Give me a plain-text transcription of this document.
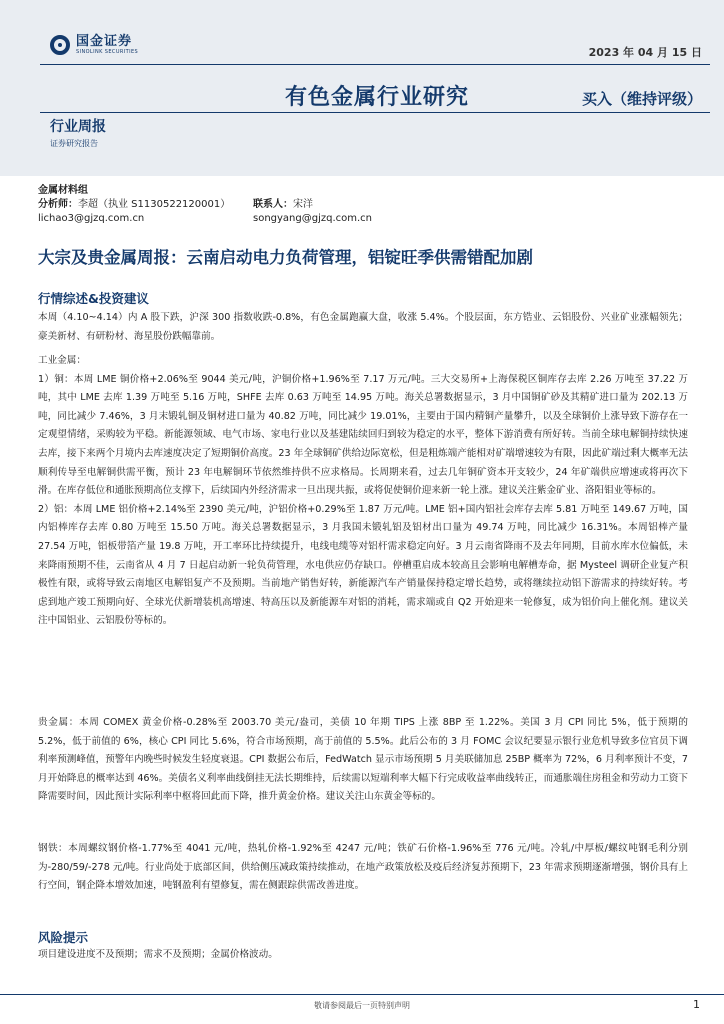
国金证券
SINOLINK SECURITIES	2023 年 04 月 15 日
有色金属行业研究	买入（维持评级）
行业周报
证券研究报告
金属材料组
分析师：李超（执业 S1130522120001）	联系人：宋洋
lichao3@gjzq.com.cn	songyang@gjzq.com.cn
大宗及贵金属周报：云南启动电力负荷管理，铝锭旺季供需错配加剧
行情综述&投资建议
本周（4.10~4.14）内 A 股下跌，沪深 300 指数收跌-0.8%，有色金属跑赢大盘，收涨 5.4%。个股层面，东方锆业、云铝股份、兴业矿业涨幅领先；豪美新材、有研粉材、海星股份跌幅靠前。
工业金属：
1）铜：本周 LME 铜价格+2.06%至 9044 美元/吨，沪铜价格+1.96%至 7.17 万元/吨。三大交易所+上海保税区铜库存去库 2.26 万吨至 37.22 万吨，其中 LME 去库 1.39 万吨至 5.16 万吨，SHFE 去库 0.63 万吨至 14.95 万吨。海关总署数据显示，3 月中国铜矿砂及其精矿进口量为 202.13 万吨，同比减少 7.46%，3 月末锻轧铜及铜材进口量为 40.82 万吨，同比减少 19.01%，主要由于国内精铜产量攀升，以及全球铜价上涨导致下游存在一定观望情绪，采购较为平稳。新能源领域、电气市场、家电行业以及基建陆续回归到较为稳定的水平，整体下游消费有所好转。当前全球电解铜持续快速去库，接下来两个月境内去库速度决定了短期铜价高度。23 年全球铜矿供给边际宽松，但是粗炼端产能相对矿端增速较为有限，因此矿端过剩大概率无法顺利传导至电解铜供需平衡，预计 23 年电解铜环节依然维持供不应求格局。长周期来看，过去几年铜矿资本开支较少，24 年矿端供应增速或将再次下滑。在库存低位和通胀预期高位支撑下，后续国内外经济需求一旦出现共振，或将促使铜价迎来新一轮上涨。建议关注紫金矿业、洛阳钼业等标的。
2）铝：本周 LME 铝价格+2.14%至 2390 美元/吨，沪铝价格+0.29%至 1.87 万元/吨。LME 铝+国内铝社会库存去库 5.81 万吨至 149.67 万吨，国内铝棒库存去库 0.80 万吨至 15.50 万吨。海关总署数据显示，3 月我国未锻轧铝及铝材出口量为 49.74 万吨，同比减少 16.31%。本周铝棒产量 27.54 万吨，铝板带箔产量 19.8 万吨，开工率环比持续提升，电线电缆等对铝杆需求稳定向好。3 月云南省降雨不及去年同期，目前水库水位偏低，未来降雨预期不佳，云南省从 4 月 7 日起启动新一轮负荷管理，水电供应仍存缺口。停槽重启成本较高且会影响电解槽寿命，据 Mysteel 调研企业复产积极性有限，或将导致云南地区电解铝复产不及预期。当前地产销售好转，新能源汽车产销量保持稳定增长趋势，或将继续拉动铝下游需求的持续好转。考虑到地产竣工预期向好、全球光伏新增装机高增速、特高压以及新能源车对铝的消耗，需求端或自 Q2 开始迎来一轮修复，成为铝价向上催化剂。建议关注中国铝业、云铝股份等标的。
贵金属：本周 COMEX 黄金价格-0.28%至 2003.70 美元/盎司，美债 10 年期 TIPS 上涨 8BP 至 1.22%。美国 3 月 CPI 同比 5%，低于预期的 5.2%，低于前值的 6%，核心 CPI 同比 5.6%，符合市场预期，高于前值的 5.5%。此后公布的 3 月 FOMC 会议纪要显示银行业危机导致多位官员下调利率预测峰值，预警年内晚些时候发生轻度衰退。CPI 数据公布后，FedWatch 显示市场预期 5 月美联储加息 25BP 概率为 72%，6 月利率预计不变，7 月开始降息的概率达到 46%。美债名义利率曲线倒挂无法长期维持，后续需以短端利率大幅下行完成收益率曲线转正，而通胀端住房租金和劳动力工资下降需要时间，因此预计实际利率中枢将回此而下降，推升黄金价格。建议关注山东黄金等标的。
钢铁：本周螺纹钢价格-1.77%至 4041 元/吨，热轧价格-1.92%至 4247 元/吨；铁矿石价格-1.96%至 776 元/吨。冷轧/中厚板/螺纹吨钢毛利分别为-280/59/-278 元/吨。行业尚处于底部区间，供给侧压减政策持续推动，在地产政策放松及疫后经济复苏预期下，23 年需求预期逐渐增强，钢价具有上行空间，钢企降本增效加速，吨钢盈利有望修复，需在侧跟踪供需改善进度。
风险提示
项目建设进度不及预期；需求不及预期；金属价格波动。
敬请参阅最后一页特别声明	1
